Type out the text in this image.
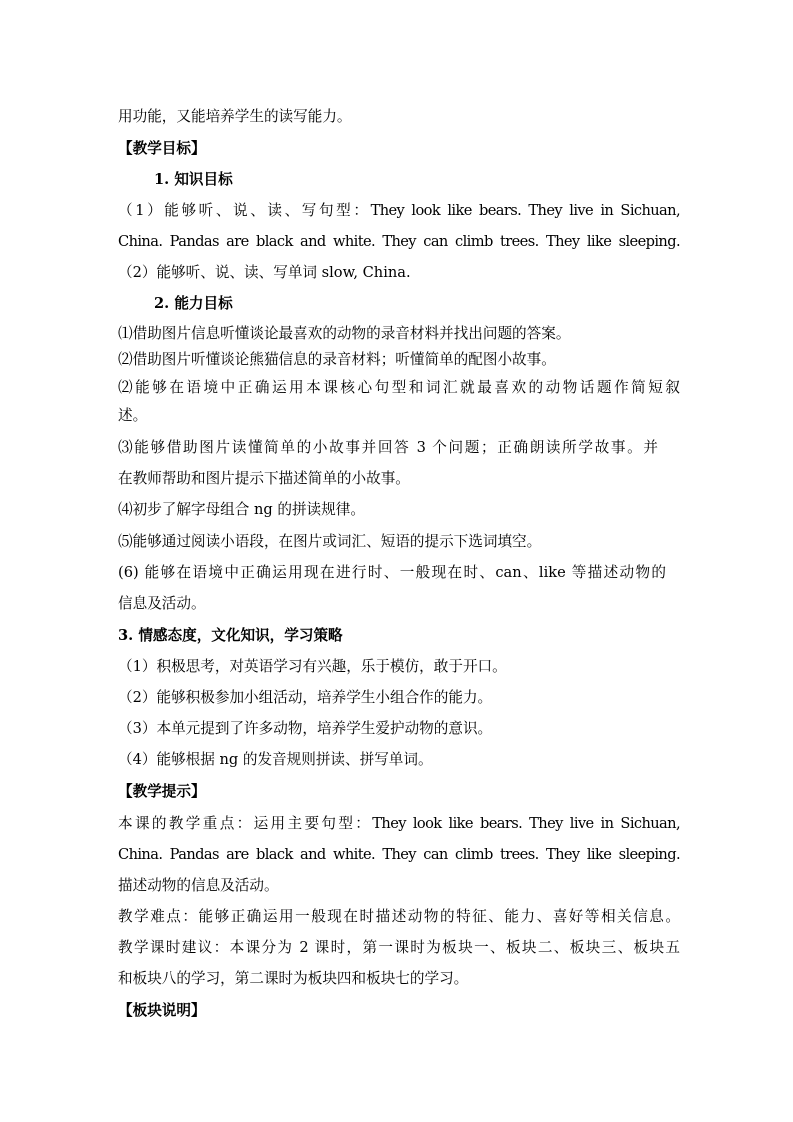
用功能，又能培养学生的读写能力。
【教学目标】
1. 知识目标
（1）能够听、说、读、写句型：They look like bears. They live in Sichuan,
China. Pandas are black and white. They can climb trees. They like sleeping.
（2）能够听、说、读、写单词 slow, China.
2. 能力目标
⑴借助图片信息听懂谈论最喜欢的动物的录音材料并找出问题的答案。
⑵借助图片听懂谈论熊猫信息的录音材料；听懂简单的配图小故事。
⑵能够在语境中正确运用本课核心句型和词汇就最喜欢的动物话题作简短叙
述。
⑶能够借助图片读懂简单的小故事并回答 3 个问题；正确朗读所学故事。并
在教师帮助和图片提示下描述简单的小故事。
⑷初步了解字母组合 ng 的拼读规律。
⑸能够通过阅读小语段，在图片或词汇、短语的提示下选词填空。
(6) 能够在语境中正确运用现在进行时、一般现在时、can、like 等描述动物的
信息及活动。
3. 情感态度，文化知识，学习策略
（1）积极思考，对英语学习有兴趣，乐于模仿，敢于开口。
（2）能够积极参加小组活动，培养学生小组合作的能力。
（3）本单元提到了许多动物，培养学生爱护动物的意识。
（4）能够根据 ng 的发音规则拼读、拼写单词。
【教学提示】
本课的教学重点：运用主要句型：They look like bears. They live in Sichuan,
China. Pandas are black and white. They can climb trees. They like sleeping.
描述动物的信息及活动。
教学难点：能够正确运用一般现在时描述动物的特征、能力、喜好等相关信息。
教学课时建议：本课分为 2 课时，第一课时为板块一、板块二、板块三、板块五
和板块八的学习，第二课时为板块四和板块七的学习。
【板块说明】
